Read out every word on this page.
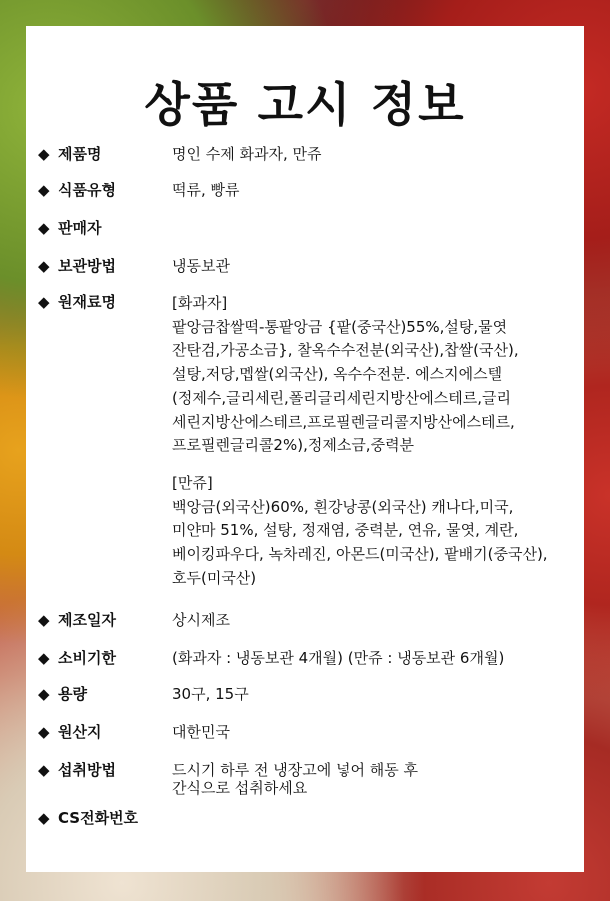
상품 고시 정보
◆ 제품명	명인 수제 화과자, 만쥬
◆ 식품유형	떡류, 빵류
◆ 판매자
◆ 보관방법	냉동보관
◆ 원재료명	[화과자]
팥앙금찹쌀떡-통팥앙금 {팥(중국산)55%,설탕,물엿
잔탄검,가공소금}, 찰옥수수전분(외국산),찹쌀(국산),
설탕,저당,멥쌀(외국산), 옥수수전분. 에스지에스텔
(정제수,글리세린,폴리글리세린지방산에스테르,글리
세린지방산에스테르,프로필렌글리콜지방산에스테르,
프로필렌글리콜2%),정제소금,중력분

[만쥬]
백앙금(외국산)60%, 흰강낭콩(외국산) 캐나다,미국,
미얀마 51%, 설탕, 정재염, 중력분, 연유, 물엿, 계란,
베이킹파우다, 녹차레진, 아몬드(미국산), 팥배기(중국산),
호두(미국산)

◆ 제조일자	상시제조
◆ 소비기한	(화과자 : 냉동보관 4개월) (만쥬 : 냉동보관 6개월)
◆ 용량	30구, 15구
◆ 원산지	대한민국
◆ 섭취방법	드시기 하루 전 냉장고에 넣어 해동 후
간식으로 섭취하세요
◆ CS전화번호
